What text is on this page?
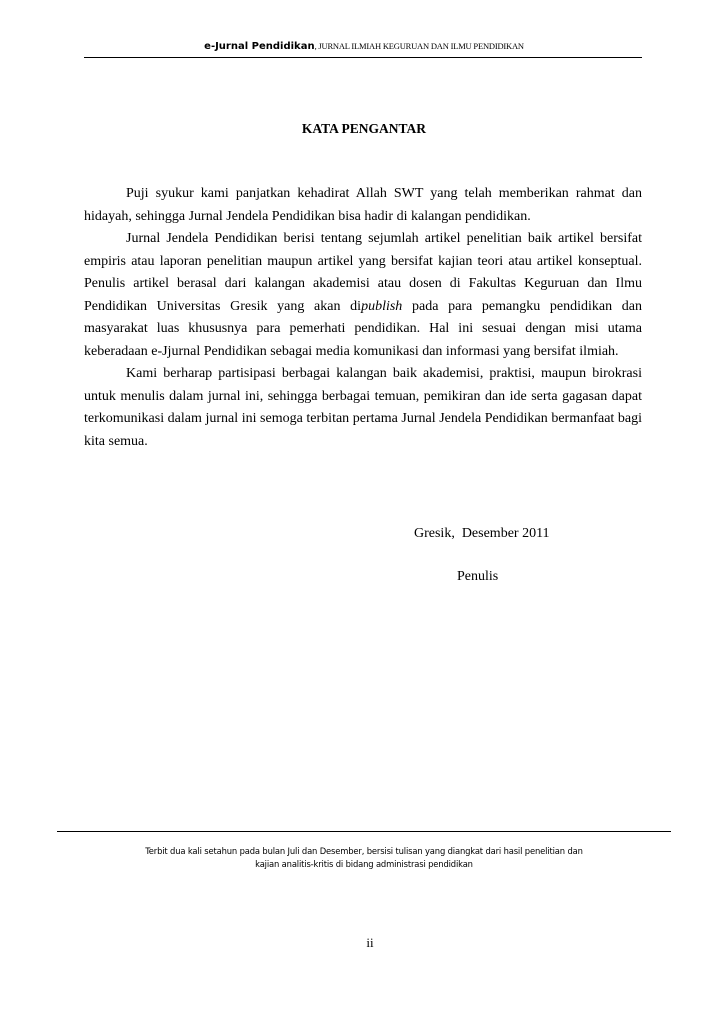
e-Jurnal Pendidikan, JURNAL ILMIAH KEGURUAN DAN ILMU PENDIDIKAN
KATA PENGANTAR

Puji syukur kami panjatkan kehadirat Allah SWT yang telah memberikan rahmat dan hidayah, sehingga Jurnal Jendela Pendidikan bisa hadir di kalangan pendidikan.

Jurnal Jendela Pendidikan berisi tentang sejumlah artikel penelitian baik artikel bersifat empiris atau laporan penelitian maupun artikel yang bersifat kajian teori atau artikel konseptual. Penulis artikel berasal dari kalangan akademisi atau dosen di Fakultas Keguruan dan Ilmu Pendidikan Universitas Gresik yang akan dipublish pada para pemangku pendidikan dan masyarakat luas khususnya para pemerhati pendidikan. Hal ini sesuai dengan misi utama keberadaan e-Jjurnal Pendidikan sebagai media komunikasi dan informasi yang bersifat ilmiah.

Kami berharap partisipasi berbagai kalangan baik akademisi, praktisi, maupun birokrasi untuk menulis dalam jurnal ini, sehingga berbagai temuan, pemikiran dan ide serta gagasan dapat terkomunikasi dalam jurnal ini semoga terbitan pertama Jurnal Jendela Pendidikan bermanfaat bagi kita semua.

Gresik,  Desember 2011
Penulis
Terbit dua kali setahun pada bulan Juli dan Desember, bersisi tulisan yang diangkat dari hasil penelitian dan
kajian analitis-kritis di bidang administrasi pendidikan
ii
